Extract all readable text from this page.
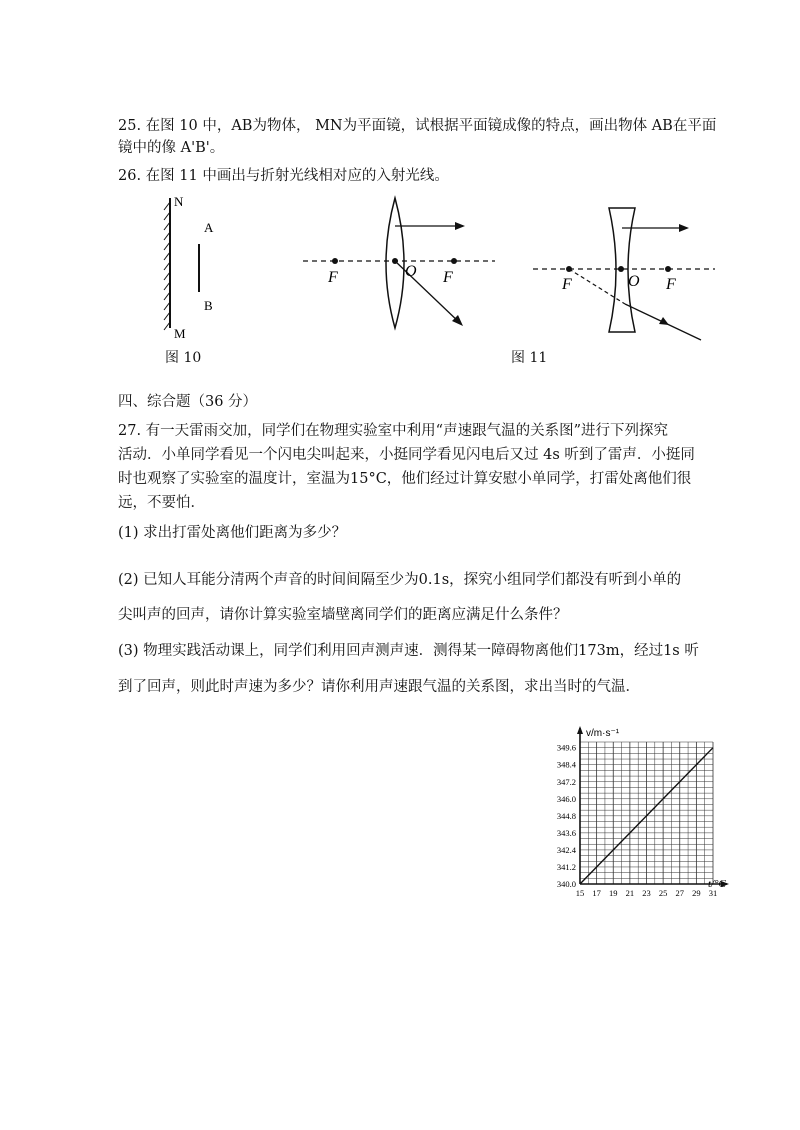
25. 在图 10 中，AB为物体， MN为平面镜，试根据平面镜成像的特点，画出物体 AB在平面
镜中的像 A'B'。
26. 在图 11 中画出与折射光线相对应的入射光线。
N
M
A
B
图 10
F	O F	F	O F
图 11
四、综合题（36 分）
27. 有一天雷雨交加，同学们在物理实验室中利用“声速跟气温的关系图”进行下列探究
活动．小单同学看见一个闪电尖叫起来，小挺同学看见闪电后又过 4s 听到了雷声．小挺同
时也观察了实验室的温度计，室温为15°C，他们经过计算安慰小单同学，打雷处离他们很
远，不要怕．
(1) 求出打雷处离他们距离为多少？
(2) 已知人耳能分清两个声音的时间间隔至少为0.1s，探究小组同学们都没有听到小单的
尖叫声的回声，请你计算实验室墙壁离同学们的距离应满足什么条件？
(3) 物理实践活动课上，同学们利用回声测声速．测得某一障碍物离他们173m，经过1s 听
到了回声，则此时声速为多少？请你利用声速跟气温的关系图，求出当时的气温．
15 17 19 21 23 25 27 29 31
340.0
341.2
342.4
343.6
344.8
346.0
347.2
348.4
349.6
v/m·s⁻¹
t/°C
